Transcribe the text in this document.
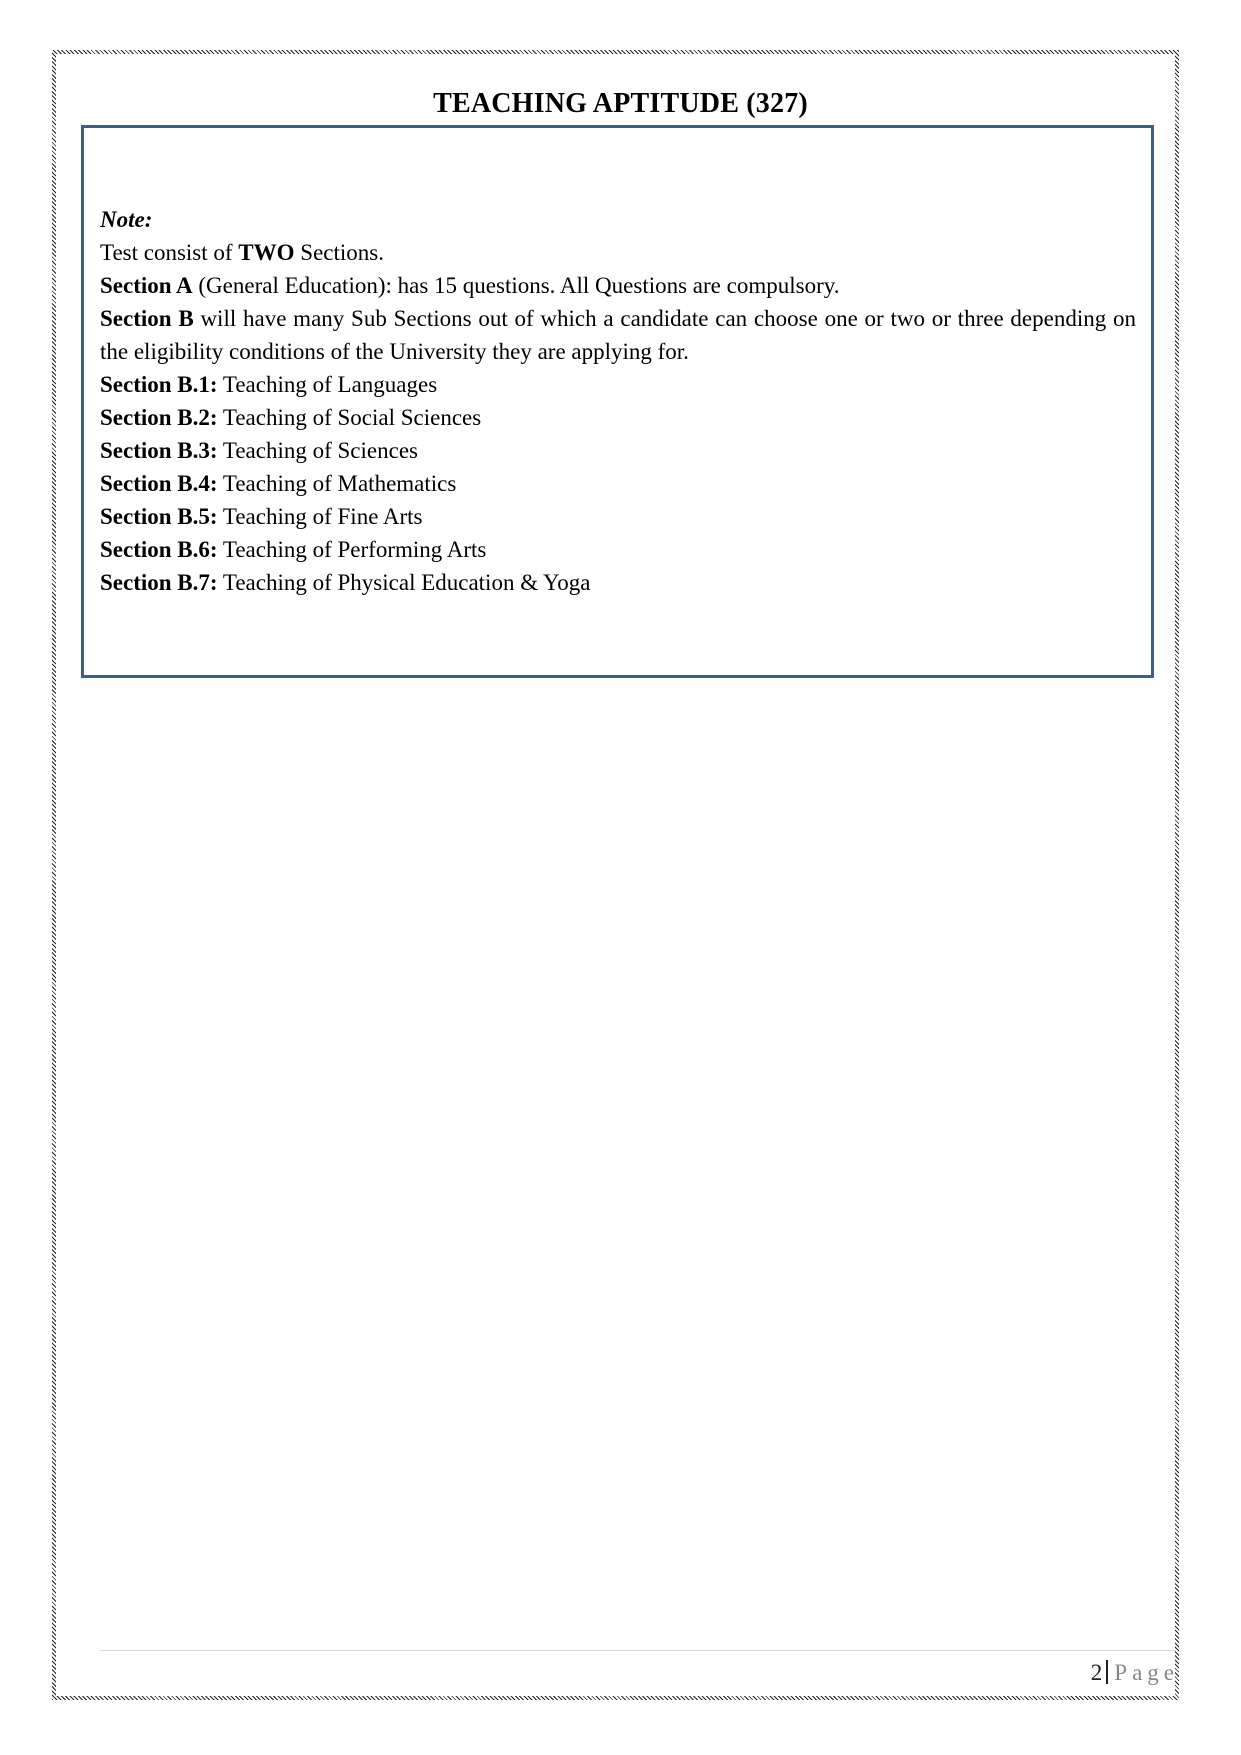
TEACHING APTITUDE (327)
Note:
Test consist of TWO Sections.
Section A (General Education): has 15 questions. All Questions are compulsory.
Section B will have many Sub Sections out of which a candidate can choose one or two or three depending on the eligibility conditions of the University they are applying for.
Section B.1: Teaching of Languages
Section B.2: Teaching of Social Sciences
Section B.3: Teaching of Sciences
Section B.4: Teaching of Mathematics
Section B.5: Teaching of Fine Arts
Section B.6: Teaching of Performing Arts
Section B.7: Teaching of Physical Education & Yoga
2 Page
